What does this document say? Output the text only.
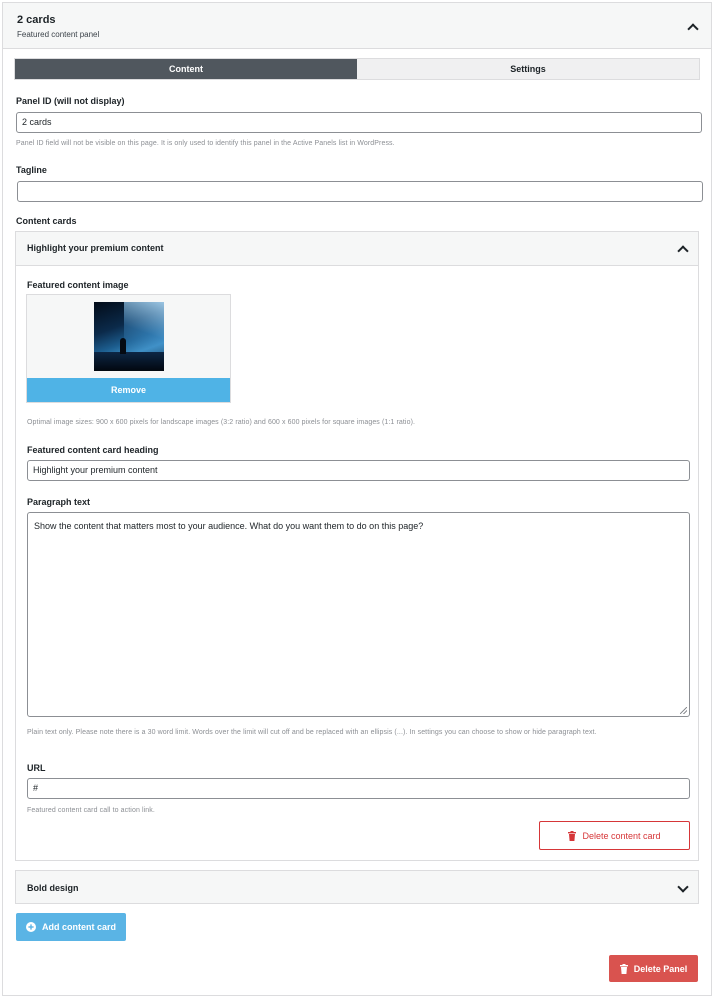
2 cards
Featured content panel
Content	Settings
Panel ID (will not display)
2 cards
Panel ID field will not be visible on this page. It is only used to identify this panel in the Active Panels list in WordPress.
Tagline
Content cards
Highlight your premium content
Featured content image
Remove
Optimal image sizes: 900 x 600 pixels for landscape images (3:2 ratio) and 600 x 600 pixels for square images (1:1 ratio).
Featured content card heading
Highlight your premium content
Paragraph text
Show the content that matters most to your audience. What do you want them to do on this page?
Plain text only. Please note there is a 30 word limit. Words over the limit will cut off and be replaced with an ellipsis (...). In settings you can choose to show or hide paragraph text.
URL
#
Featured content card call to action link.
Delete content card
Bold design
Add content card
Delete Panel
